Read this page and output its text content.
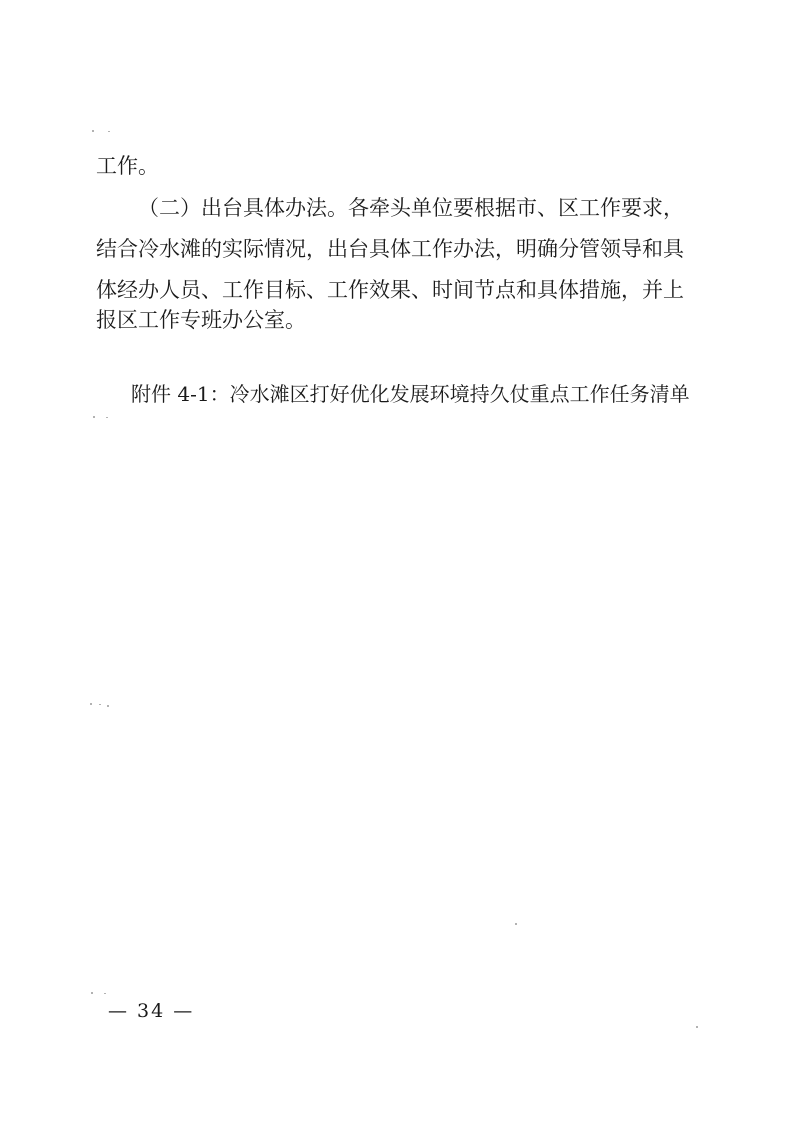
工作。
（二）出台具体办法。各牵头单位要根据市、区工作要求，
结合冷水滩的实际情况，出台具体工作办法，明确分管领导和具
体经办人员、工作目标、工作效果、时间节点和具体措施，并上
报区工作专班办公室。
附件 4-1：冷水滩区打好优化发展环境持久仗重点工作任务清单
— 34 —
